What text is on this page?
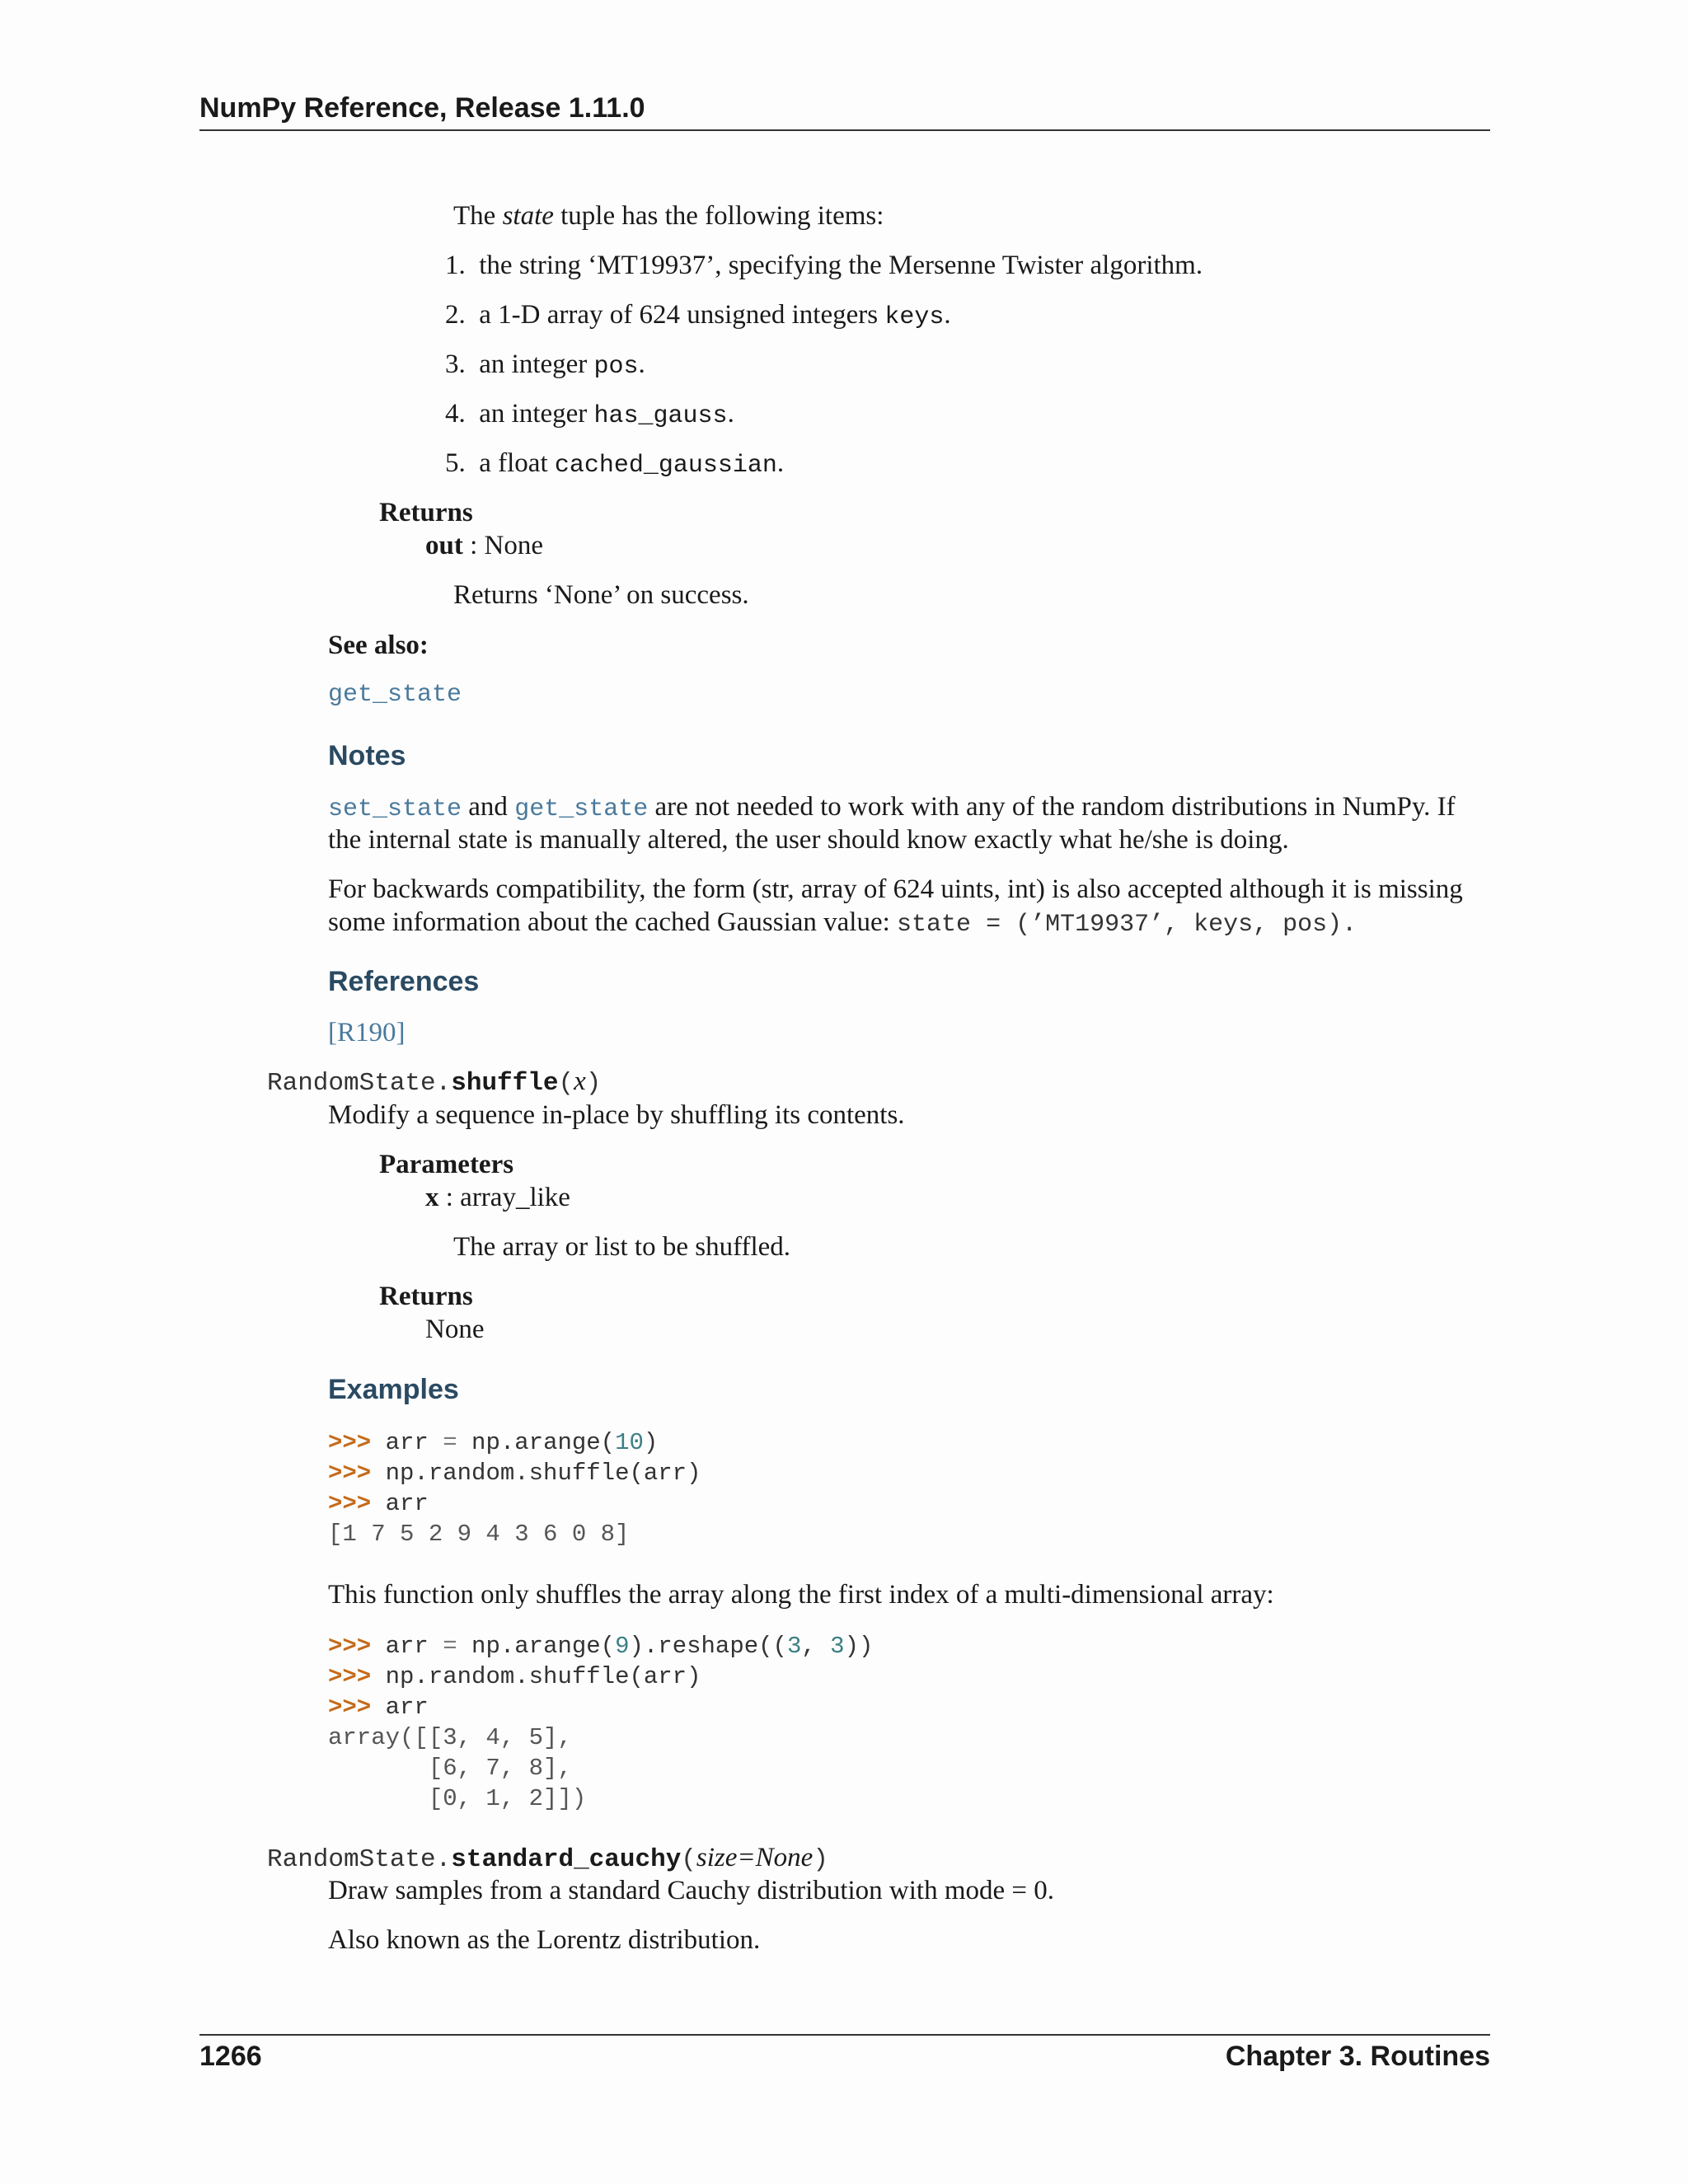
NumPy Reference, Release 1.11.0
The state tuple has the following items:
1. the string ‘MT19937’, specifying the Mersenne Twister algorithm.
2. a 1-D array of 624 unsigned integers keys.
3. an integer pos.
4. an integer has_gauss.
5. a float cached_gaussian.
Returns
out : None
Returns ‘None’ on success.
See also:
get_state
Notes
set_state and get_state are not needed to work with any of the random distributions in NumPy. If
the internal state is manually altered, the user should know exactly what he/she is doing.
For backwards compatibility, the form (str, array of 624 uints, int) is also accepted although it is missing
some information about the cached Gaussian value: state = (’MT19937’, keys, pos).
References
[R190]
RandomState.shuffle(x)
Modify a sequence in-place by shuffling its contents.
Parameters
x : array_like
The array or list to be shuffled.
Returns
None
Examples
>>> arr = np.arange(10)
>>> np.random.shuffle(arr)
>>> arr
[1 7 5 2 9 4 3 6 0 8]
This function only shuffles the array along the first index of a multi-dimensional array:
>>> arr = np.arange(9).reshape((3, 3))
>>> np.random.shuffle(arr)
>>> arr
array([[3, 4, 5],
[6, 7, 8],
[0, 1, 2]])
RandomState.standard_cauchy(size=None)
Draw samples from a standard Cauchy distribution with mode = 0.
Also known as the Lorentz distribution.
1266	Chapter 3. Routines
